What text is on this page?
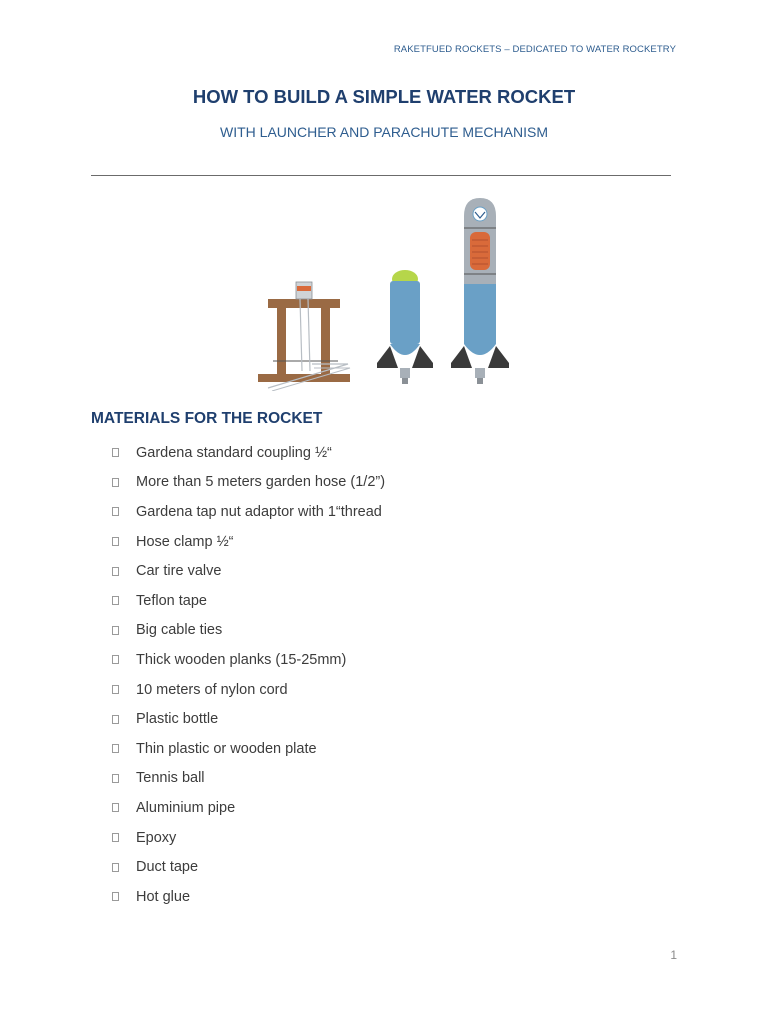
RAKETFUED ROCKETS – DEDICATED TO WATER ROCKETRY
HOW TO BUILD A SIMPLE WATER ROCKET
WITH LAUNCHER AND PARACHUTE MECHANISM
MATERIALS FOR THE ROCKET
Gardena standard coupling ½“
More than 5 meters garden hose (1/2”)
Gardena tap nut adaptor with 1“thread
Hose clamp ½“
Car tire valve
Teflon tape
Big cable ties
Thick wooden planks (15-25mm)
10 meters of nylon cord
Plastic bottle
Thin plastic or wooden plate
Tennis ball
Aluminium pipe
Epoxy
Duct tape
Hot glue
1
